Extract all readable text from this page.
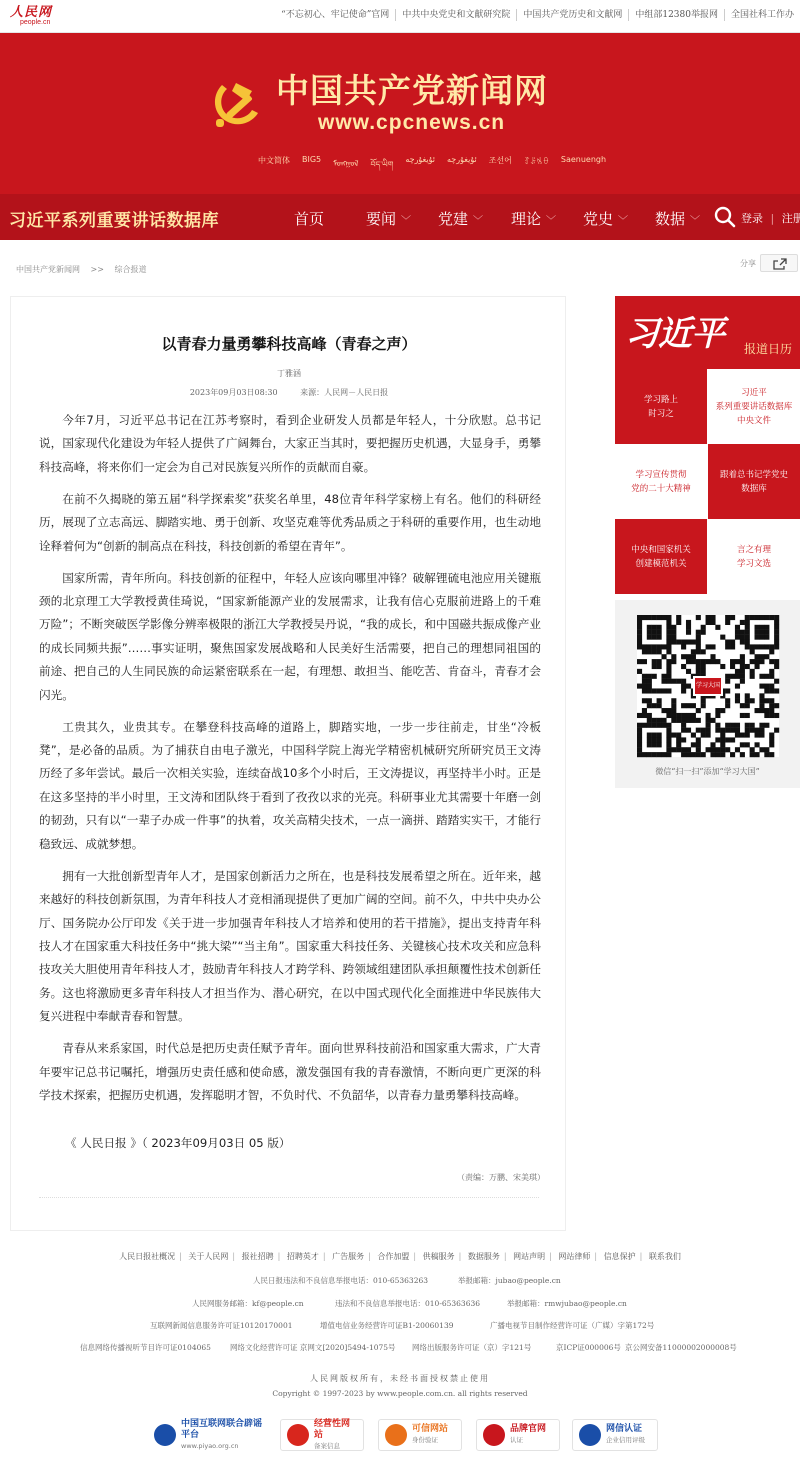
人民网
people.cn
“不忘初心、牢记使命”官网	中共中央党史和文献研究院	中国共产党历史和文献网	中组部12380举报网	全国社科工作办
中国共产党新闻网
www.cpcnews.cn
中文简体	BIG5	ᠮᠣᠩᠭᠣᠯ	བོད་ཡིག
ئۇيغۇرچە	ئۇيغۇرچە	조선어	ꆈꌠꁱꂷ	Saenuengh
习近平系列重要讲话数据库	首页	要闻 ﹀ 党建 ﹀ 理论 ﹀ 党史 ﹀ 数据 ﹀	登录 | 注册
中国共产党新闻网 >> 综合报道
分享
以青春力量勇攀科技高峰（青春之声）
丁雅涵
2023年09月03日08:30	来源：人民网－人民日报

今年7月，习近平总书记在江苏考察时，看到企业研发人员都是年轻人，十分欣慰。总书记说，国家现代化建设为年轻人提供了广阔舞台，大家正当其时，要把握历史机遇，大显身手，勇攀科技高峰，将来你们一定会为自己对民族复兴所作的贡献而自豪。

在前不久揭晓的第五届“科学探索奖”获奖名单里，48位青年科学家榜上有名。他们的科研经历，展现了立志高远、脚踏实地、勇于创新、攻坚克难等优秀品质之于科研的重要作用，也生动地诠释着何为“创新的制高点在科技，科技创新的希望在青年”。

国家所需，青年所向。科技创新的征程中，年轻人应该向哪里冲锋？破解锂硫电池应用关键瓶颈的北京理工大学教授黄佳琦说，“国家新能源产业的发展需求，让我有信心克服前进路上的千难万险”；不断突破医学影像分辨率极限的浙江大学教授吴丹说，“我的成长，和中国磁共振成像产业的成长同频共振”……事实证明，聚焦国家发展战略和人民美好生活需要，把自己的理想同祖国的前途、把自己的人生同民族的命运紧密联系在一起，有理想、敢担当、能吃苦、肯奋斗，青春才会闪光。

工贵其久，业贵其专。在攀登科技高峰的道路上，脚踏实地，一步一步往前走，甘坐“冷板凳”，是必备的品质。为了捕获自由电子激光，中国科学院上海光学精密机械研究所研究员王文涛历经了多年尝试。最后一次相关实验，连续奋战10多个小时后，王文涛提议，再坚持半小时。正是在这多坚持的半小时里，王文涛和团队终于看到了孜孜以求的光亮。科研事业尤其需要十年磨一剑的韧劲，只有以“一辈子办成一件事”的执着，攻关高精尖技术，一点一滴拼、踏踏实实干，才能行稳致远、成就梦想。

拥有一大批创新型青年人才，是国家创新活力之所在，也是科技发展希望之所在。近年来，越来越好的科技创新氛围，为青年科技人才竞相涌现提供了更加广阔的空间。前不久，中共中央办公厅、国务院办公厅印发《关于进一步加强青年科技人才培养和使用的若干措施》，提出支持青年科技人才在国家重大科技任务中“挑大梁”“当主角”。国家重大科技任务、关键核心技术攻关和应急科技攻关大胆使用青年科技人才，鼓励青年科技人才跨学科、跨领域组建团队承担颠覆性技术创新任务。这也将激励更多青年科技人才担当作为、潜心研究，在以中国式现代化全面推进中华民族伟大复兴进程中奉献青春和智慧。

青春从来系家国，时代总是把历史责任赋予青年。面向世界科技前沿和国家重大需求，广大青年要牢记总书记嘱托，增强历史责任感和使命感，激发强国有我的青春激情，不断向更广更深的科学技术探索，把握历史机遇，发挥聪明才智，不负时代、不负韶华，以青春力量勇攀科技高峰。

《 人民日报 》（ 2023年09月03日 05 版）
（责编：万鹏、宋美琪）
习近平 报道日历
学习路上
时习之
习近平
系列重要讲话数据库
中央文件
学习宣传贯彻
党的二十大精神
跟着总书记学党史
数据库
中央和国家机关
创建模范机关
言之有理
学习文选
学习大国
微信“扫一扫”添加“学习大国”
人民日报社概况 | 关于人民网 | 报社招聘 | 招聘英才 | 广告服务 | 合作加盟 | 供稿服务 | 数据服务 | 网站声明 | 网站律师 | 信息保护 | 联系我们
人民日报违法和不良信息举报电话：010-65363263	举报邮箱：jubao@people.cn
人民网服务邮箱：kf@people.cn	违法和不良信息举报电话：010-65363636	举报邮箱：rmwjubao@people.cn
互联网新闻信息服务许可证10120170001	增值电信业务经营许可证B1-20060139	广播电视节目制作经营许可证（广媒）字第172号
信息网络传播视听节目许可证0104065	网络文化经营许可证 京网文[2020]5494-1075号 网络出版服务许可证（京）字121号	京ICP证000006号 京公网安备11000002000008号
人民网版权所有，未经书面授权禁止使用
Copyright © 1997-2023 by www.people.com.cn. all rights reserved
中国互联网联合辟谣平台
www.piyao.org.cn
经营性网站
备案信息
可信网站
身份验证
品牌官网
认证
网信认证
企业信用评级
